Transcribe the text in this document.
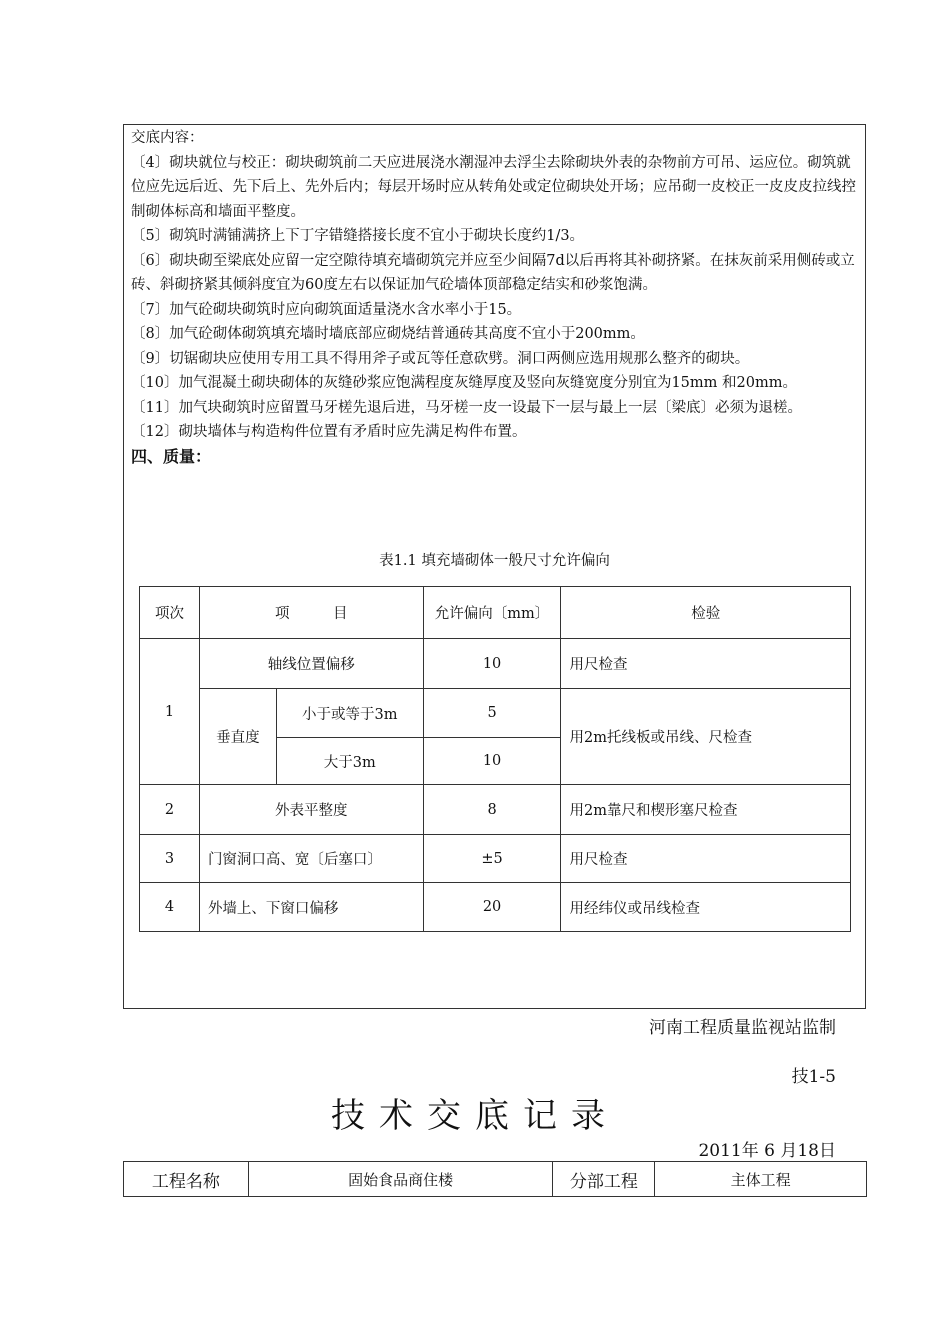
交底内容：

〔4〕砌块就位与校正：砌块砌筑前二天应进展浇水潮湿冲去浮尘去除砌块外表的杂物前方可吊、运应位。砌筑就位应先远后近、先下后上、先外后内；每层开场时应从转角处或定位砌块处开场；应吊砌一皮校正一皮皮皮拉线控制砌体标高和墙面平整度。

〔5〕砌筑时满铺满挤上下丁字错缝搭接长度不宜小于砌块长度约1/3。

〔6〕砌块砌至梁底处应留一定空隙待填充墙砌筑完并应至少间隔7d以后再将其补砌挤紧。在抹灰前采用侧砖或立砖、斜砌挤紧其倾斜度宜为60度左右以保证加气砼墙体顶部稳定结实和砂浆饱满。

〔7〕加气砼砌块砌筑时应向砌筑面适量浇水含水率小于15。

〔8〕加气砼砌体砌筑填充墙时墙底部应砌烧结普通砖其高度不宜小于200mm。

〔9〕切锯砌块应使用专用工具不得用斧子或瓦等任意砍劈。洞口两侧应选用规那么整齐的砌块。

〔10〕加气混凝土砌块砌体的灰缝砂浆应饱满程度灰缝厚度及竖向灰缝宽度分别宜为15mm 和20mm。

〔11〕加气块砌筑时应留置马牙槎先退后进，马牙槎一皮一设最下一层与最上一层〔梁底〕必须为退槎。

〔12〕砌块墙体与构造构件位置有矛盾时应先满足构件布置。

四、质量：

表1.1 填充墙砌体一般尺寸允许偏向
项次	项　　　目		允许偏向〔mm〕	检验
1	轴线位置偏移		10	用尺检查
	垂直度	小于或等于3m	5	用2m托线板或吊线、尺检查
		大于3m	10	
2	外表平整度		8	用2m靠尺和楔形塞尺检查
3	门窗洞口高、宽〔后塞口〕		±5	用尺检查
4	外墙上、下窗口偏移		20	用经纬仪或吊线检查
河南工程质量监视站监制
技1-5
技术交底记录
2011年 6 月18日
工程名称	固始食品商住楼	分部工程	主体工程
